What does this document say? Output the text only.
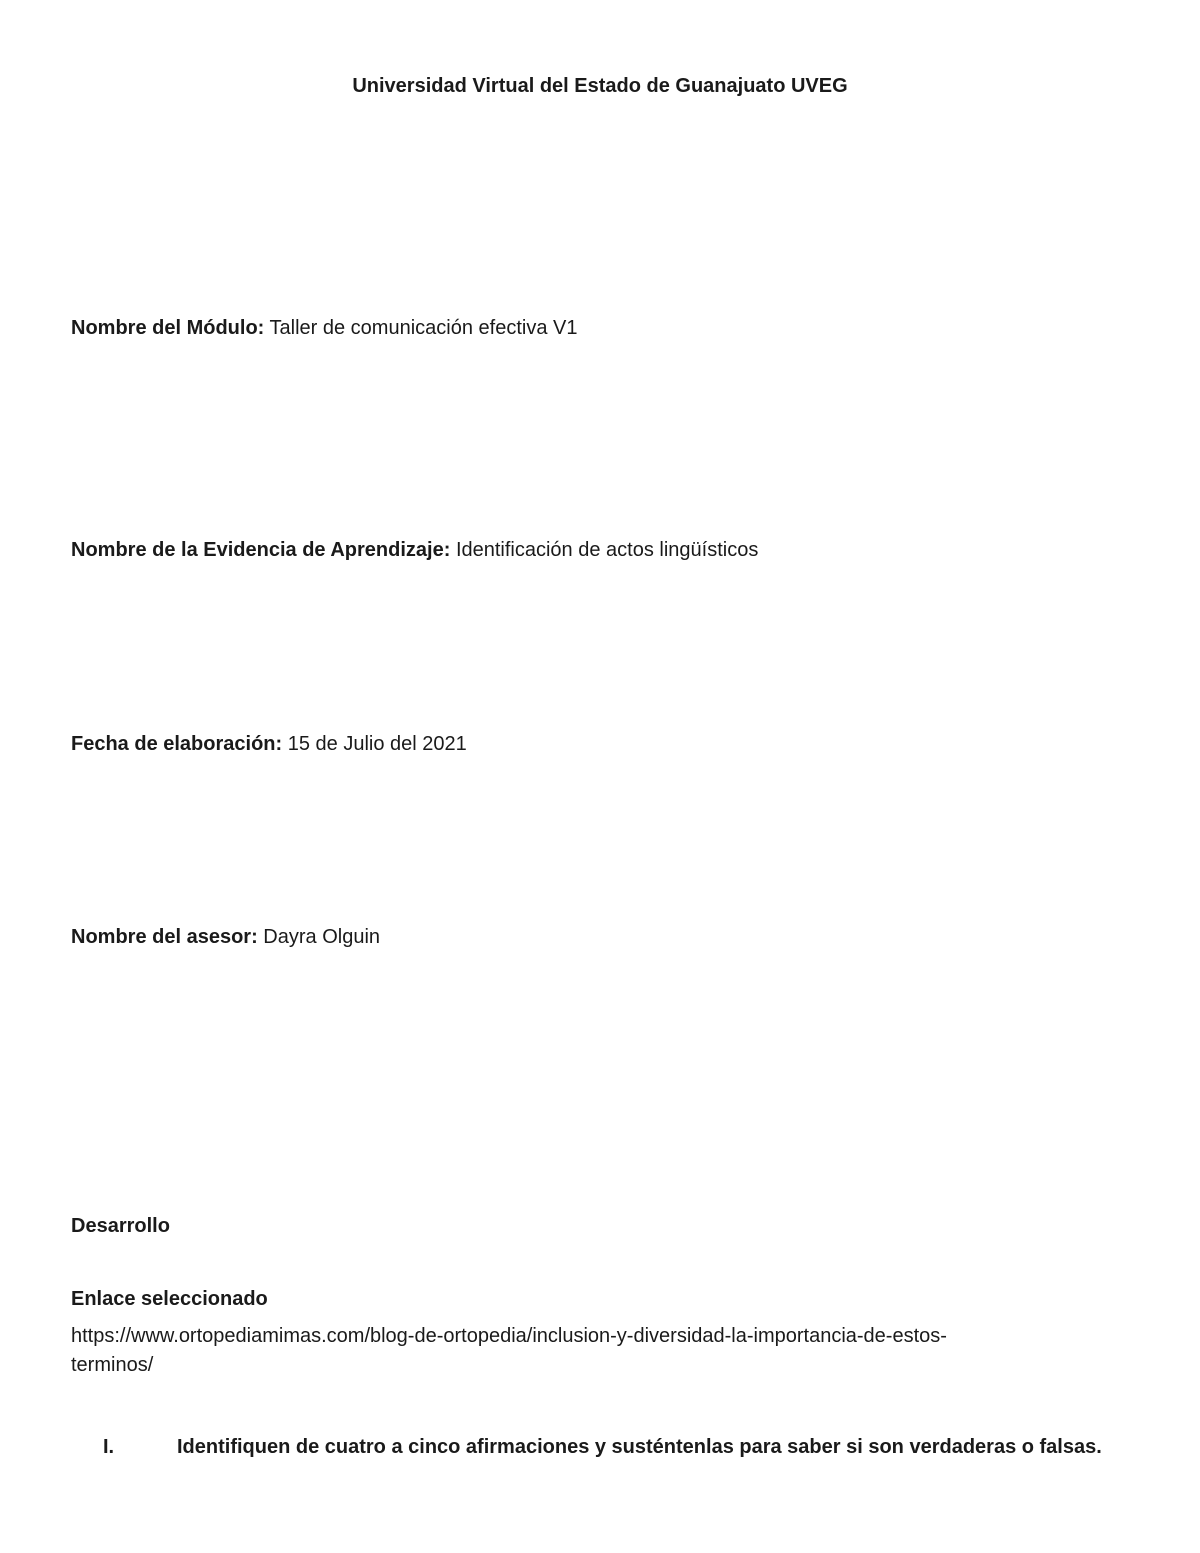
Universidad Virtual del Estado de Guanajuato UVEG
Nombre del Módulo: Taller de comunicación efectiva V1
Nombre de la Evidencia de Aprendizaje: Identificación de actos lingüísticos
Fecha de elaboración: 15 de Julio del 2021
Nombre del asesor: Dayra Olguin
Desarrollo
Enlace seleccionado
https://www.ortopediamimas.com/blog-de-ortopedia/inclusion-y-diversidad-la-importancia-de-estos-
terminos/
I.	Identifiquen de cuatro a cinco afirmaciones y susténtenlas para saber si son verdaderas o falsas.
